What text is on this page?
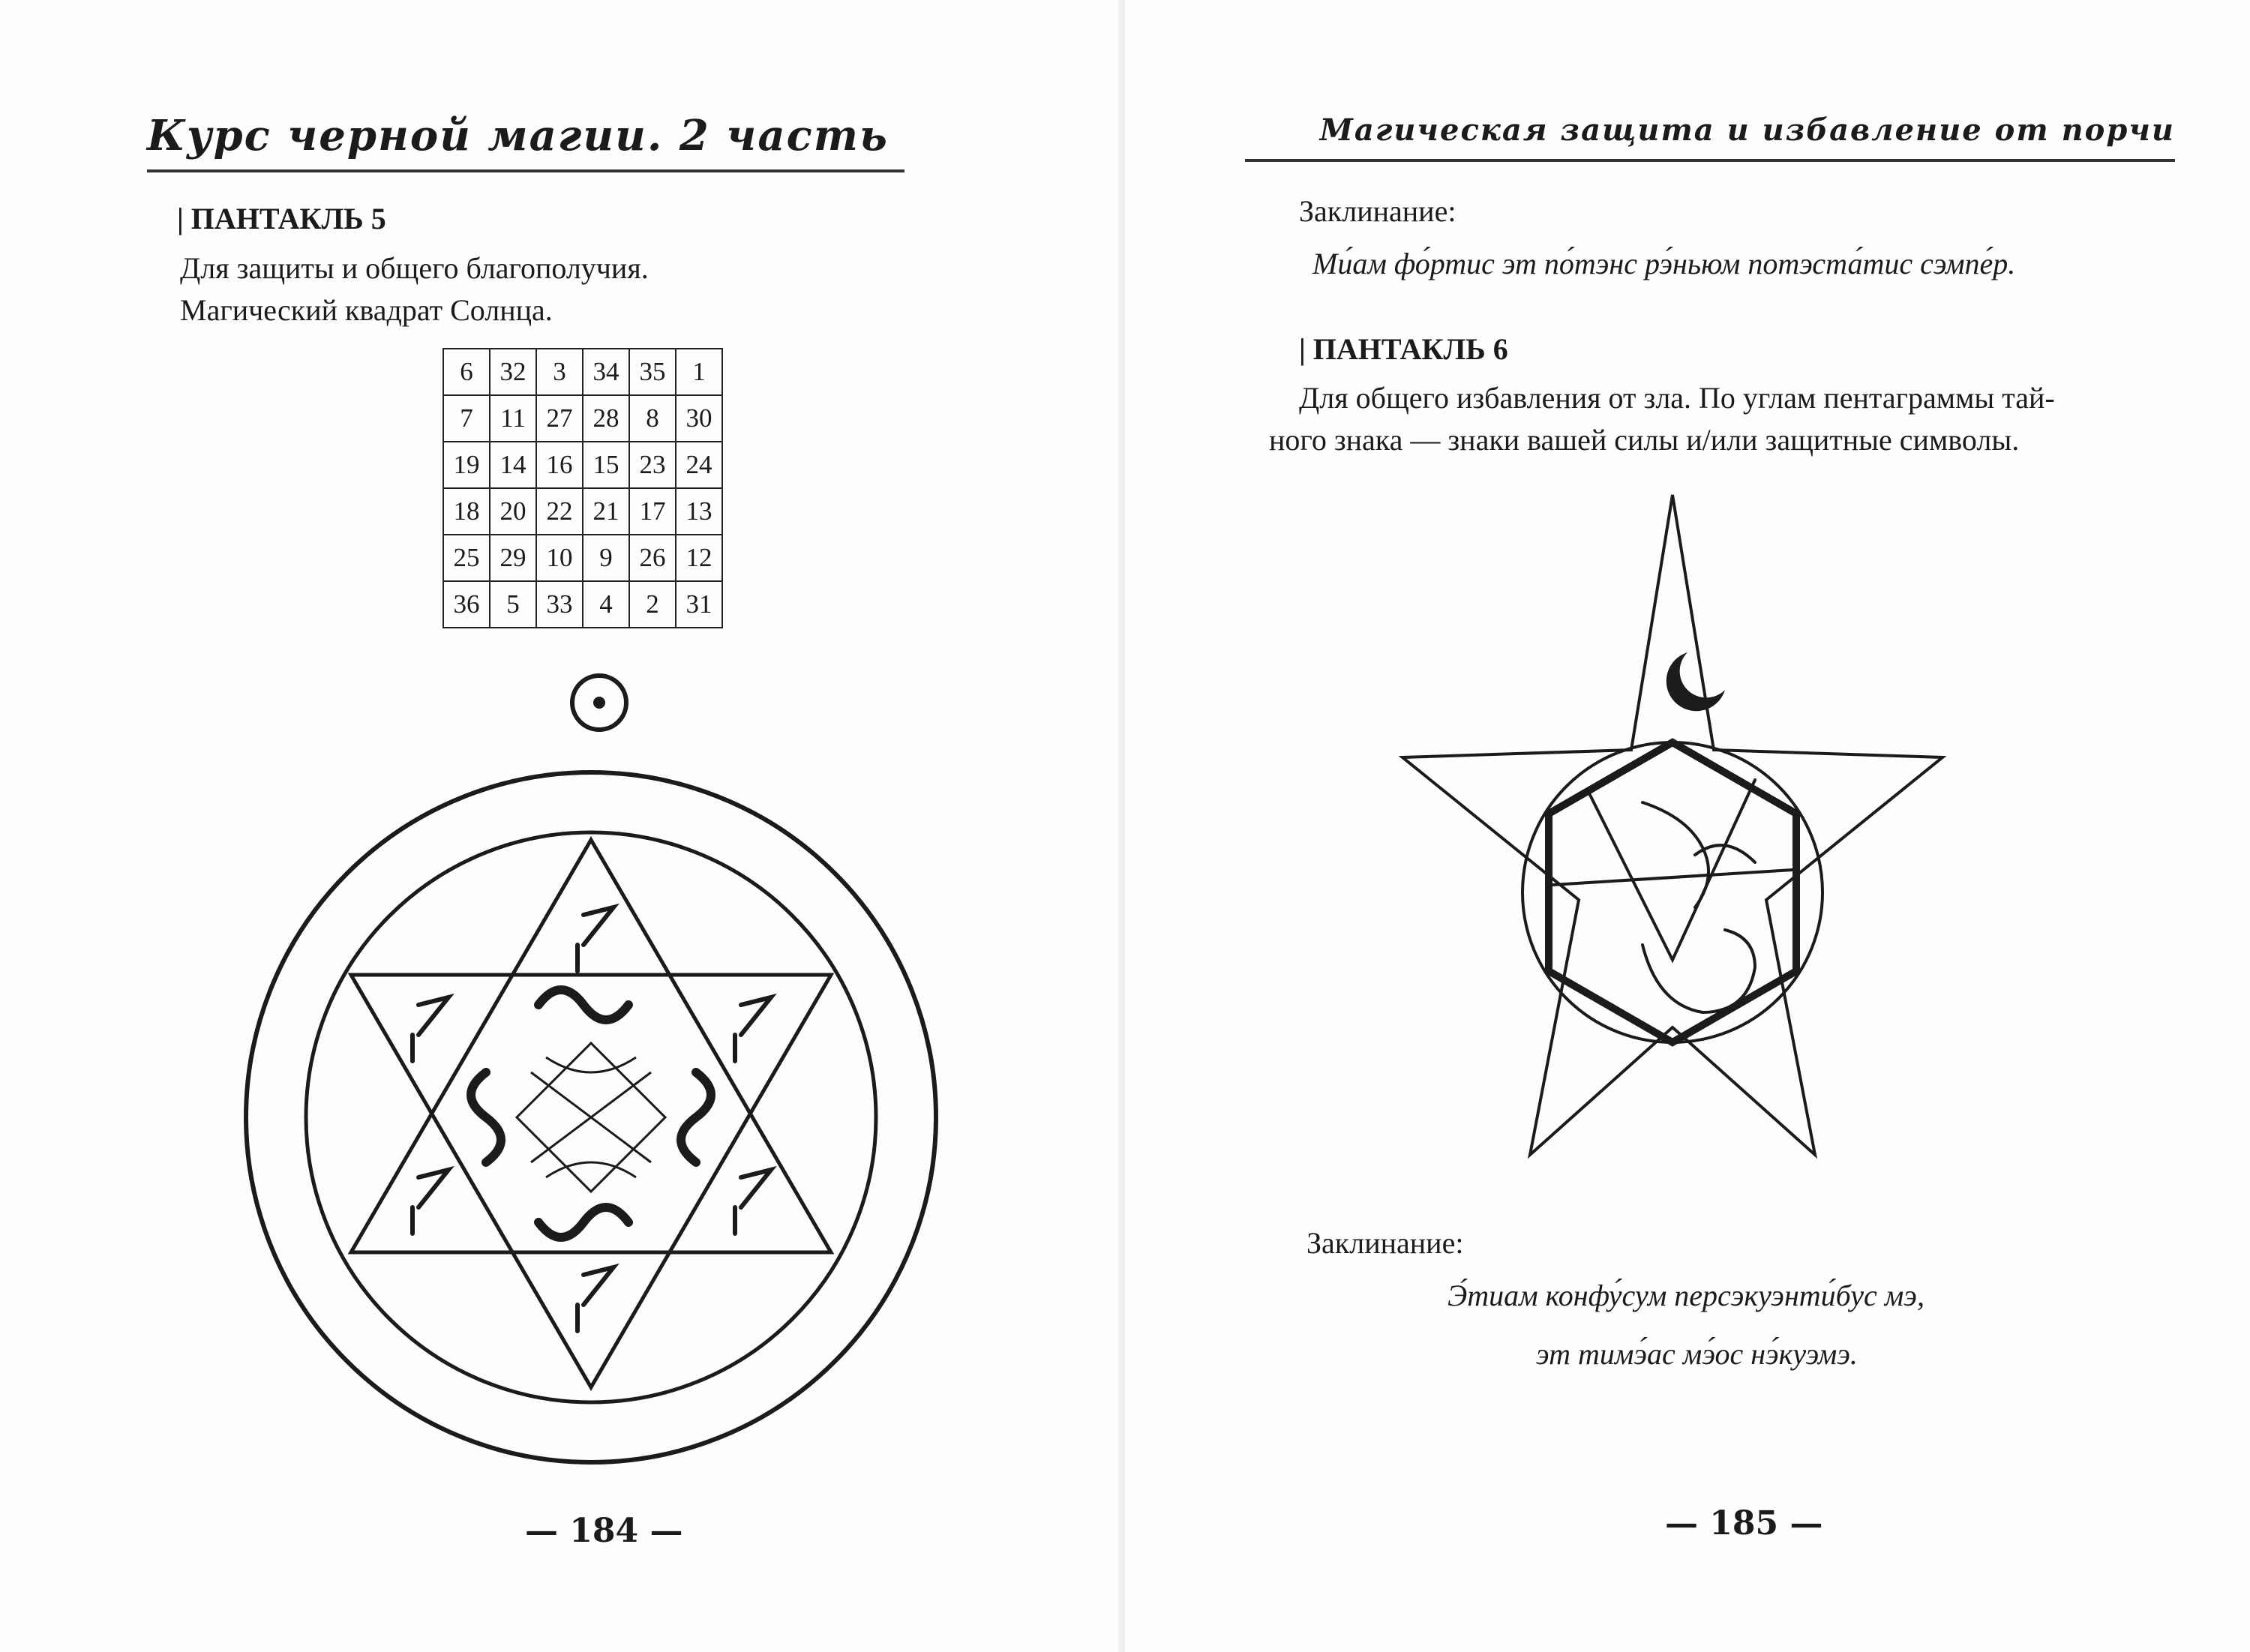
Курс черной магии. 2 часть
| ПАНТАКЛЬ 5
Для защиты и общего благополучия.
Магический квадрат Солнца.
6	32	3	34	35	1
7	11	27	28	8	30
19	14	16	15	23	24
18	20	22	21	17	13
25	29	10	9	26	12
36	5	33	4	2	31
— 184 —
Магическая защита и избавление от порчи
Заклинание:
Ми́ам фо́ртис эт по́тэнс рэ́ньюм потэста́тис сэмпе́р.
| ПАНТАКЛЬ 6
Для общего избавления от зла. По углам пентаграммы тай-
ного знака — знаки вашей силы и/или защитные символы.
Заклинание:
Э́тиам конфу́сум персэкуэнти́бус мэ,
эт тимэ́ас мэ́ос нэ́куэмэ.
— 185 —
